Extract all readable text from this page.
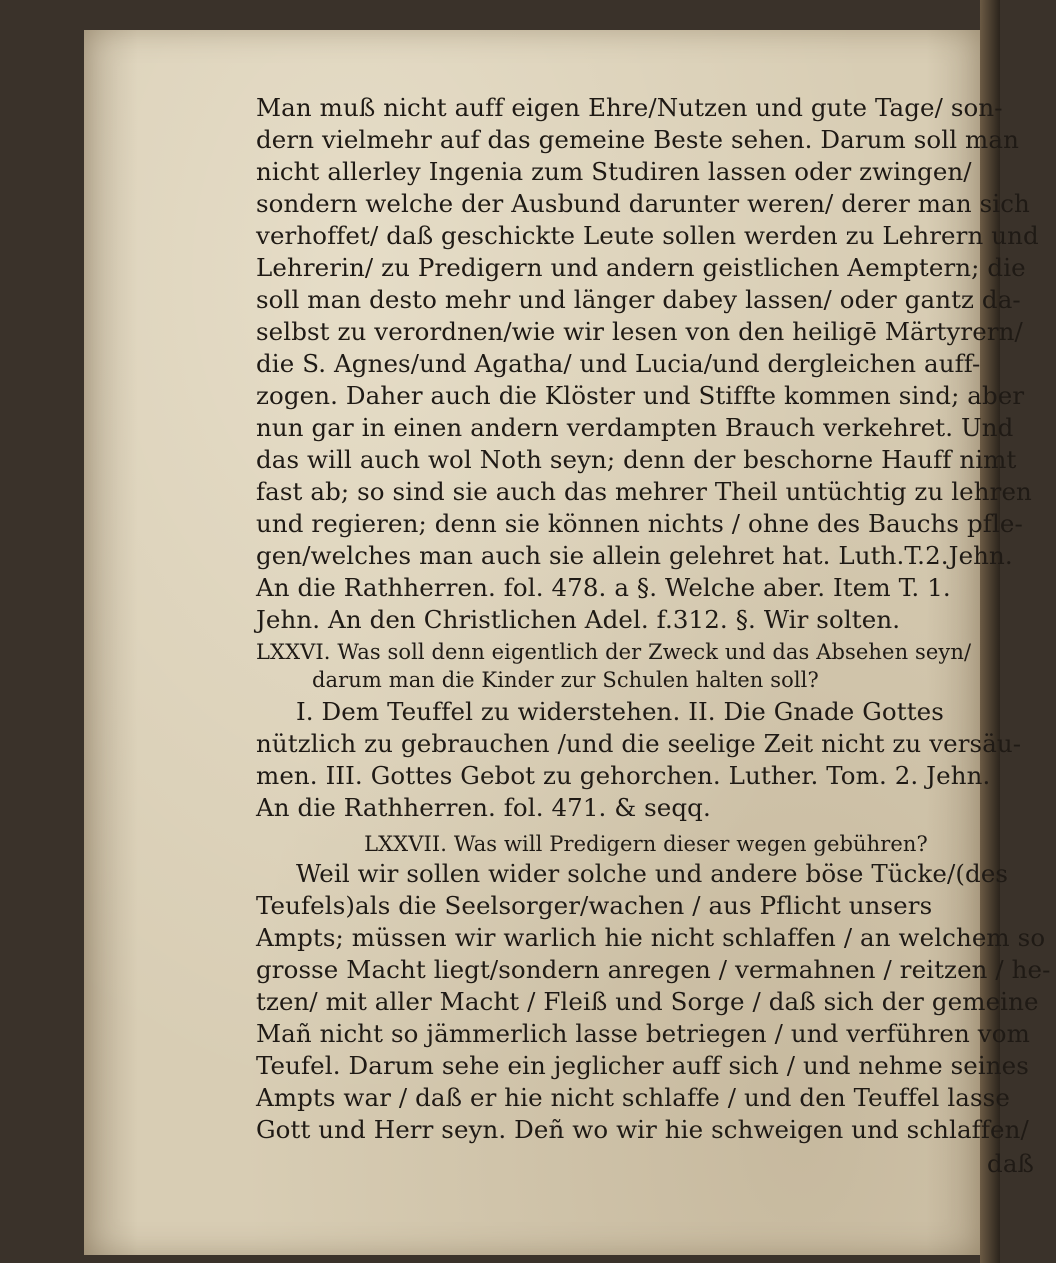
Man muß nicht auff eigen Ehre/Nutzen und gute Tage/ son-
dern vielmehr auf das gemeine Beste sehen. Darum soll man
nicht allerley Ingenia zum Studiren lassen oder zwingen/
sondern welche der Ausbund darunter weren/ derer man sich
verhoffet/ daß geschickte Leute sollen werden zu Lehrern und
Lehrerin/ zu Predigern und andern geistlichen Aemptern; die
soll man desto mehr und länger dabey lassen/ oder gantz da-
selbst zu verordnen/wie wir lesen von den heiligē Märtyrern/
die S. Agnes/und Agatha/ und Lucia/und dergleichen auff-
zogen. Daher auch die Klöster und Stiffte kommen sind; aber
nun gar in einen andern verdampten Brauch verkehret. Und
das will auch wol Noth seyn; denn der beschorne Hauff nimt
fast ab; so sind sie auch das mehrer Theil untüchtig zu lehren
und regieren; denn sie können nichts / ohne des Bauchs pfle-
gen/welches man auch sie allein gelehret hat. Luth.T.2.Jehn.
An die Rathherren. fol. 478. a §. Welche aber. Item T. 1.
Jehn. An den Christlichen Adel. f.312. §. Wir solten.
LXXVI. Was soll denn eigentlich der Zweck und das Absehen seyn/
darum man die Kinder zur Schulen halten soll?
I. Dem Teuffel zu widerstehen. II. Die Gnade Gottes
nützlich zu gebrauchen /und die seelige Zeit nicht zu versäu-
men. III. Gottes Gebot zu gehorchen. Luther. Tom. 2. Jehn.
An die Rathherren. fol. 471. & seqq.
LXXVII. Was will Predigern dieser wegen gebühren?
Weil wir sollen wider solche und andere böse Tücke/(des
Teufels)als die Seelsorger/wachen / aus Pflicht unsers
Ampts; müssen wir warlich hie nicht schlaffen / an welchem so
grosse Macht liegt/sondern anregen / vermahnen / reitzen / he-
tzen/ mit aller Macht / Fleiß und Sorge / daß sich der gemeine
Mañ nicht so jämmerlich lasse betriegen / und verführen vom
Teufel. Darum sehe ein jeglicher auff sich / und nehme seines
Ampts war / daß er hie nicht schlaffe / und den Teuffel lasse
Gott und Herr seyn. Deñ wo wir hie schweigen und schlaffen/
daß
